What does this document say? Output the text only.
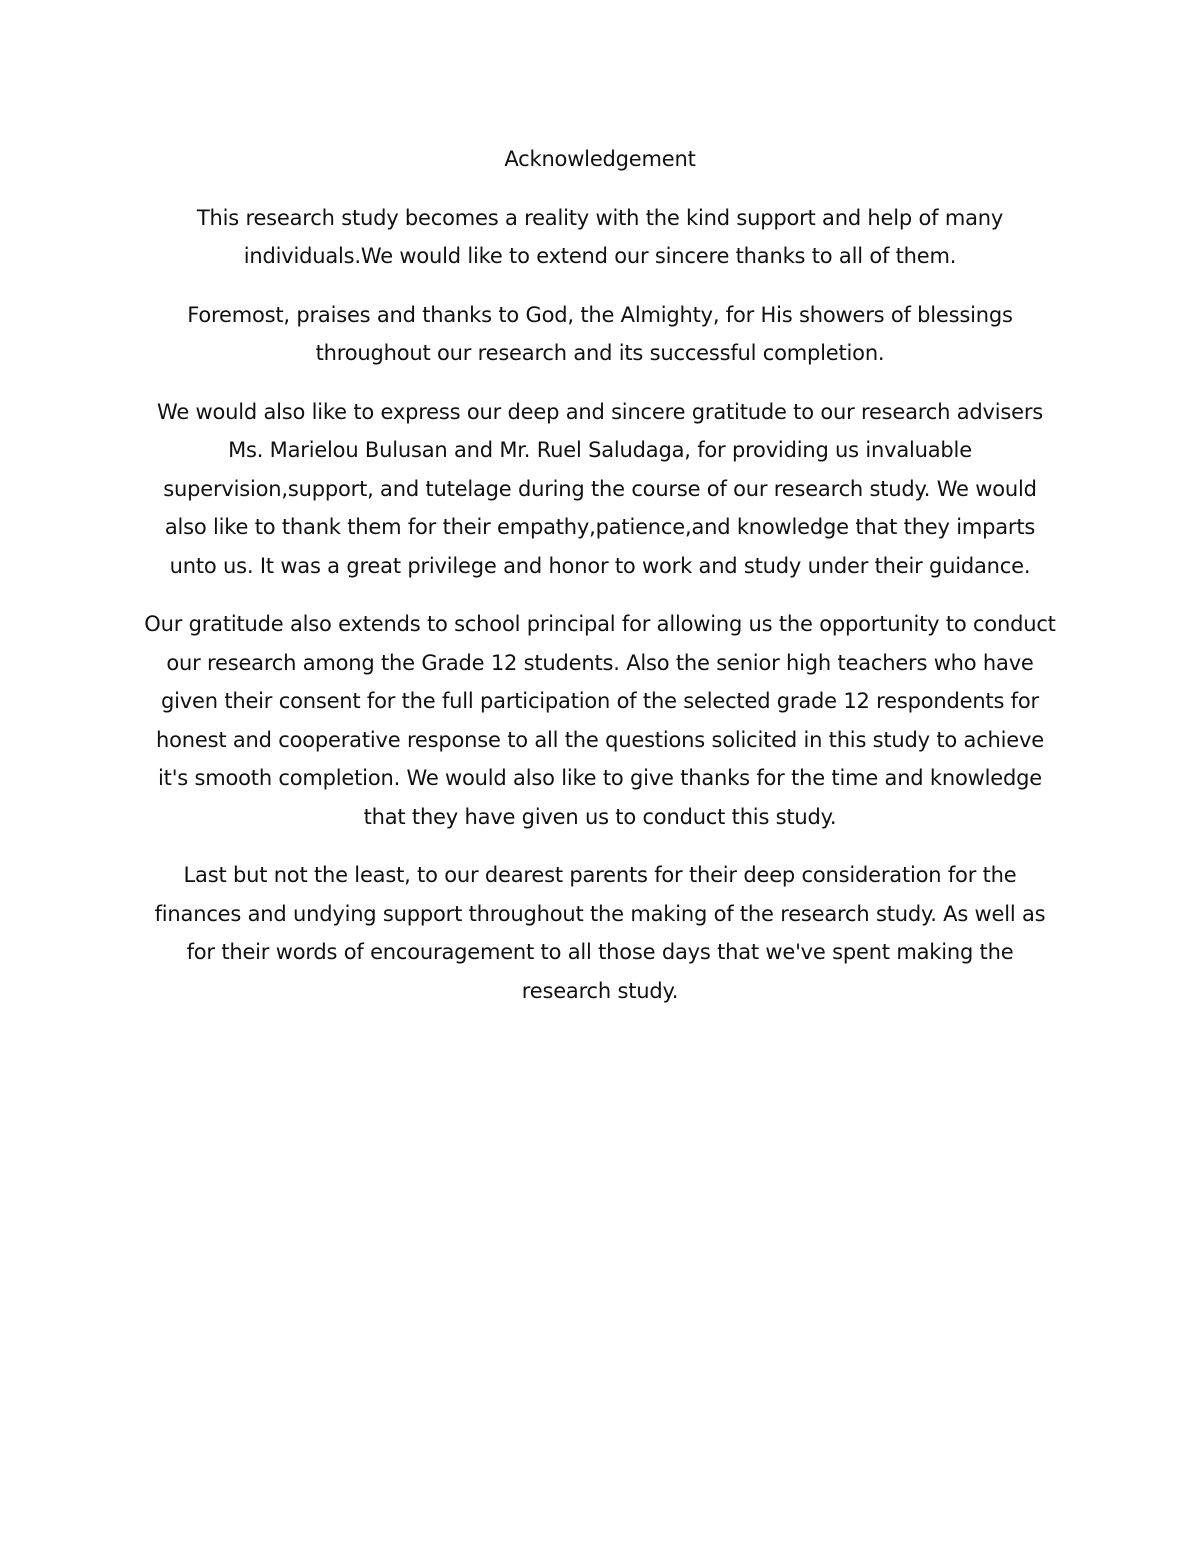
Acknowledgement

This research study becomes a reality with the kind support and help of many individuals.We would like to extend our sincere thanks to all of them.

Foremost, praises and thanks to God, the Almighty, for His showers of blessings throughout our research and its successful completion.

We would also like to express our deep and sincere gratitude to our research advisers Ms. Marielou Bulusan and Mr. Ruel Saludaga, for providing us invaluable supervision,support, and tutelage during the course of our research study. We would also like to thank them for their empathy,patience,and knowledge that they imparts unto us. It was a great privilege and honor to work and study under their guidance.

Our gratitude also extends to school principal for allowing us the opportunity to conduct our research among the Grade 12 students. Also the senior high teachers who have given their consent for the full participation of the selected grade 12 respondents for honest and cooperative response to all the questions solicited in this study to achieve it's smooth completion. We would also like to give thanks for the time and knowledge that they have given us to conduct this study.

Last but not the least, to our dearest parents for their deep consideration for the finances and undying support throughout the making of the research study. As well as for their words of encouragement to all those days that we've spent making the research study.
